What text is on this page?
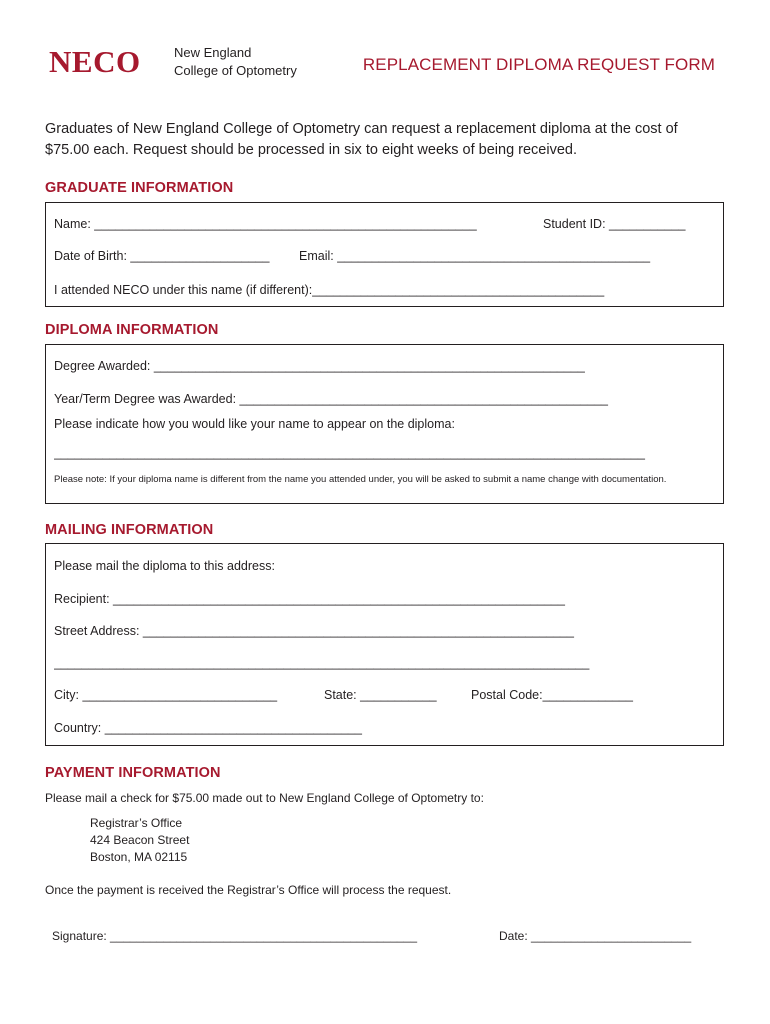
NECO	New England
College of Optometry	REPLACEMENT DIPLOMA REQUEST FORM
Graduates of New England College of Optometry can request a replacement diploma at the cost of $75.00 each. Request should be processed in six to eight weeks of being received.
GRADUATE INFORMATION
Name: _______________________________________________________	Student ID: ___________
Date of Birth: ____________________ Email: _____________________________________________
I attended NECO under this name (if different):__________________________________________
DIPLOMA INFORMATION
Degree Awarded: ______________________________________________________________
Year/Term Degree was Awarded: _____________________________________________________
Please indicate how you would like your name to appear on the diploma:
_____________________________________________________________________________________
Please note: If your diploma name is different from the name you attended under, you will be asked to submit a name change with documentation.
MAILING INFORMATION
Please mail the diploma to this address:
Recipient: _________________________________________________________________
Street Address: ______________________________________________________________
_____________________________________________________________________________
City: ____________________________	State: ___________	Postal Code:_____________
Country: _____________________________________
PAYMENT INFORMATION
Please mail a check for $75.00 made out to New England College of Optometry to:
Registrar’s Office
424 Beacon Street
Boston, MA 02115
Once the payment is received the Registrar’s Office will process the request.
Signature: ______________________________________________	Date: ________________________
